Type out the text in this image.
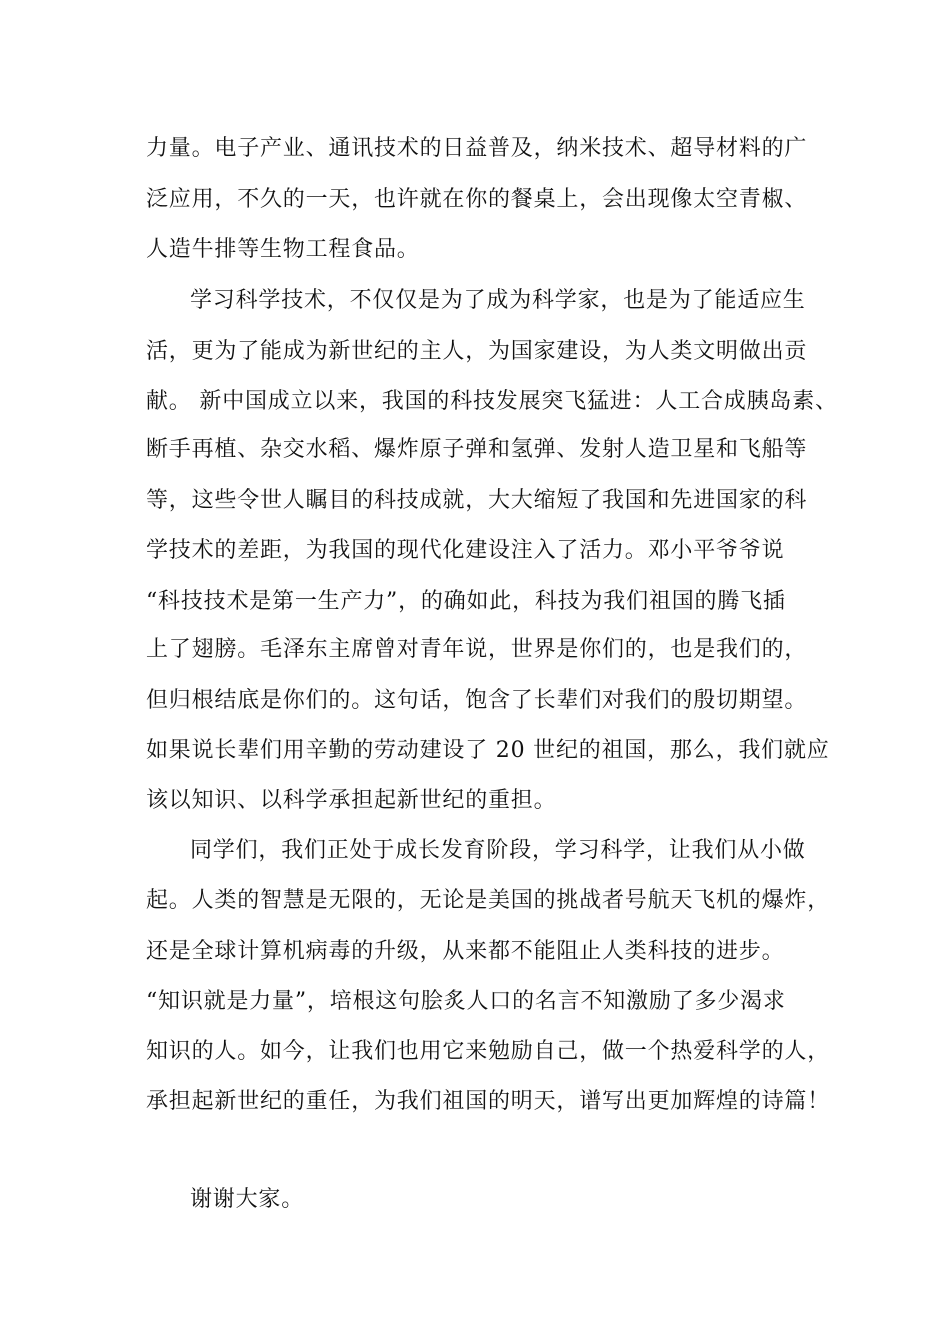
力量。电子产业、通讯技术的日益普及，纳米技术、超导材料的广
泛应用，不久的一天，也许就在你的餐桌上，会出现像太空青椒、
人造牛排等生物工程食品。
学习科学技术，不仅仅是为了成为科学家，也是为了能适应生
活，更为了能成为新世纪的主人，为国家建设，为人类文明做出贡
献。 新中国成立以来，我国的科技发展突飞猛进：人工合成胰岛素、
断手再植、杂交水稻、爆炸原子弹和氢弹、发射人造卫星和飞船等
等，这些令世人瞩目的科技成就，大大缩短了我国和先进国家的科
学技术的差距，为我国的现代化建设注入了活力。邓小平爷爷说
“科技技术是第一生产力”，的确如此，科技为我们祖国的腾飞插
上了翅膀。毛泽东主席曾对青年说，世界是你们的，也是我们的，
但归根结底是你们的。这句话，饱含了长辈们对我们的殷切期望。
如果说长辈们用辛勤的劳动建设了 20 世纪的祖国，那么，我们就应
该以知识、以科学承担起新世纪的重担。
同学们，我们正处于成长发育阶段，学习科学，让我们从小做
起。人类的智慧是无限的，无论是美国的挑战者号航天飞机的爆炸，
还是全球计算机病毒的升级，从来都不能阻止人类科技的进步。
“知识就是力量”，培根这句脍炙人口的名言不知激励了多少渴求
知识的人。如今，让我们也用它来勉励自己，做一个热爱科学的人，
承担起新世纪的重任，为我们祖国的明天，谱写出更加辉煌的诗篇！
谢谢大家。
